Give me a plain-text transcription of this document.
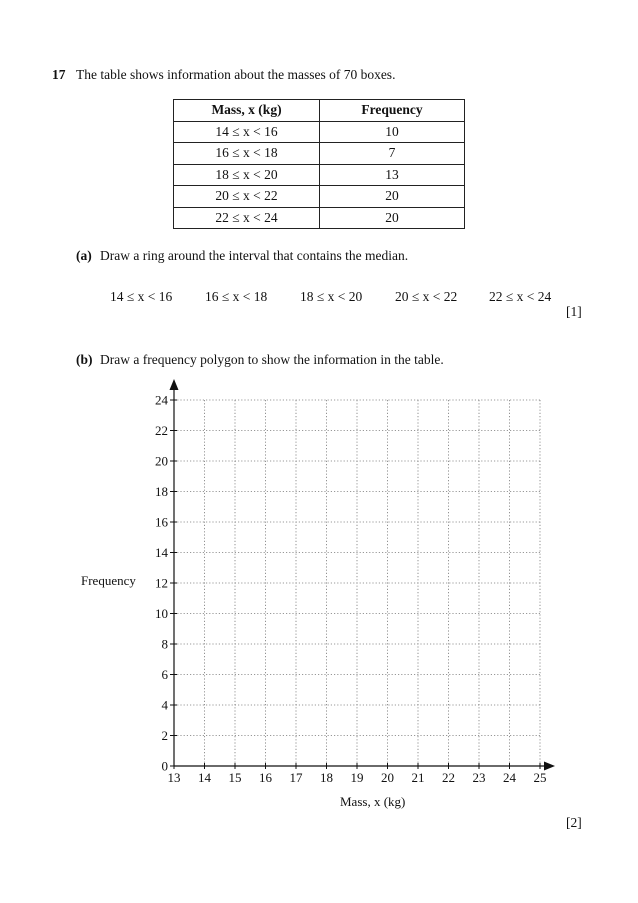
17 The table shows information about the masses of 70 boxes.
Mass, x (kg)	Frequency
14 ≤ x < 16	10
16 ≤ x < 18	7
18 ≤ x < 20	13
20 ≤ x < 22	20
22 ≤ x < 24	20
(a) Draw a ring around the interval that contains the median.
14 ≤ x < 16 16 ≤ x < 18 18 ≤ x < 20 20 ≤ x < 22 22 ≤ x < 24
[1]
(b) Draw a frequency polygon to show the information in the table.
13 14 15 16 17 18 19 20 21 22 23 24 25
0
2
4
6
8
10
12
14
16
18
20
22
24
Frequency
Mass, x (kg)
[2]
